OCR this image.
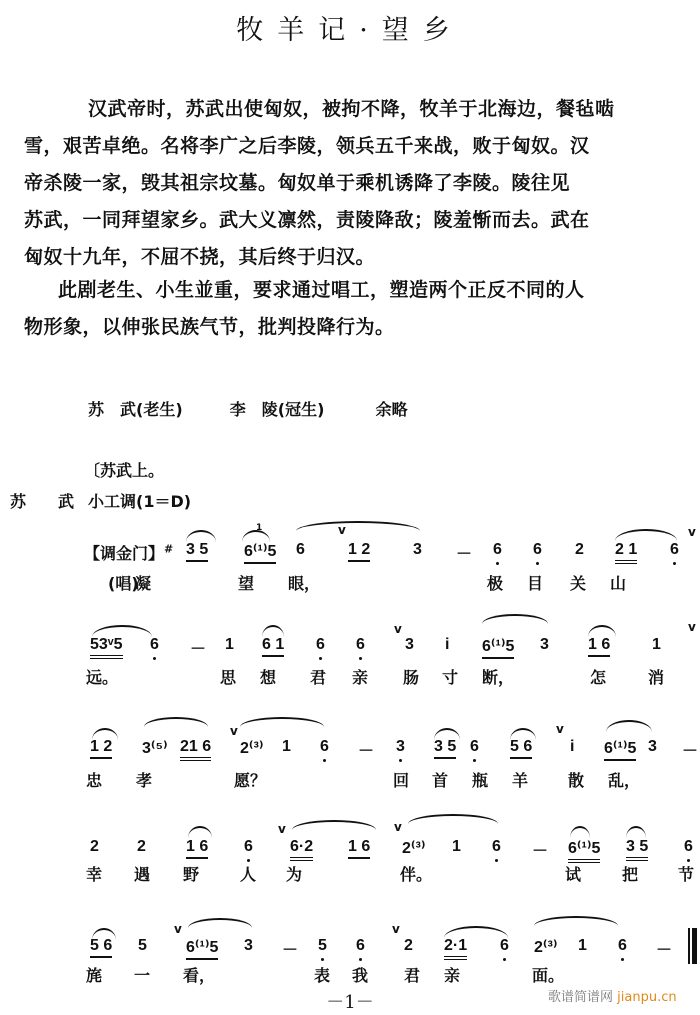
牧羊记·望乡
汉武帝时，苏武出使匈奴，被拘不降，牧羊于北海边，餐毡啮
雪，艰苦卓绝。名将李广之后李陵，领兵五千来战，败于匈奴。汉
帝杀陵一家，毁其祖宗坟墓。匈奴单于乘机诱降了李陵。陵往见
苏武，一同拜望家乡。武大义凛然，责陵降敌；陵羞惭而去。武在
匈奴十九年，不屈不挠，其后终于归汉。
此剧老生、小生並重，要求通过唱工，塑造两个正反不同的人
物形象，以伸张民族气节，批判投降行为。
苏　武(老生)	李　陵(冠生)	余略
〔苏武上。
苏　武 小工调(1＝D)
【调金门】#
(唱)
3 5
1
6⁽¹⁾5 6
v
1 2	3 － 6 6 2 2 1 6
v
凝	望 眼，	极 目 关 山
53ᵛ5 6 － 1 6 1 6 6
v
3 i 6⁽¹⁾5 3 1 6	1
v
远。	思 想 君 亲 肠 寸 断，	怎	消
1 2 3⁽⁵⁾ 21 6
v
2⁽³⁾ 1 6 － 3 3 5 6 5 6
v
i 6⁽¹⁾5 3 －
忠 孝	愿？	回 首 瓶 羊 散 乱，
2 2	1 6 6
v
6·2 1 6
v
2⁽³⁾ 1 6 － 6⁽¹⁾5 3 5 6
幸 遇 野	人 为	伴。	试	把 节
5 6 5
v
6⁽¹⁾5 3 － 5 6
v
2 2·1 6 2⁽³⁾ 1 6 －
旄 一 看，	表 我 君 亲	面。
－1－	歌谱简谱网 jianpu.cn
